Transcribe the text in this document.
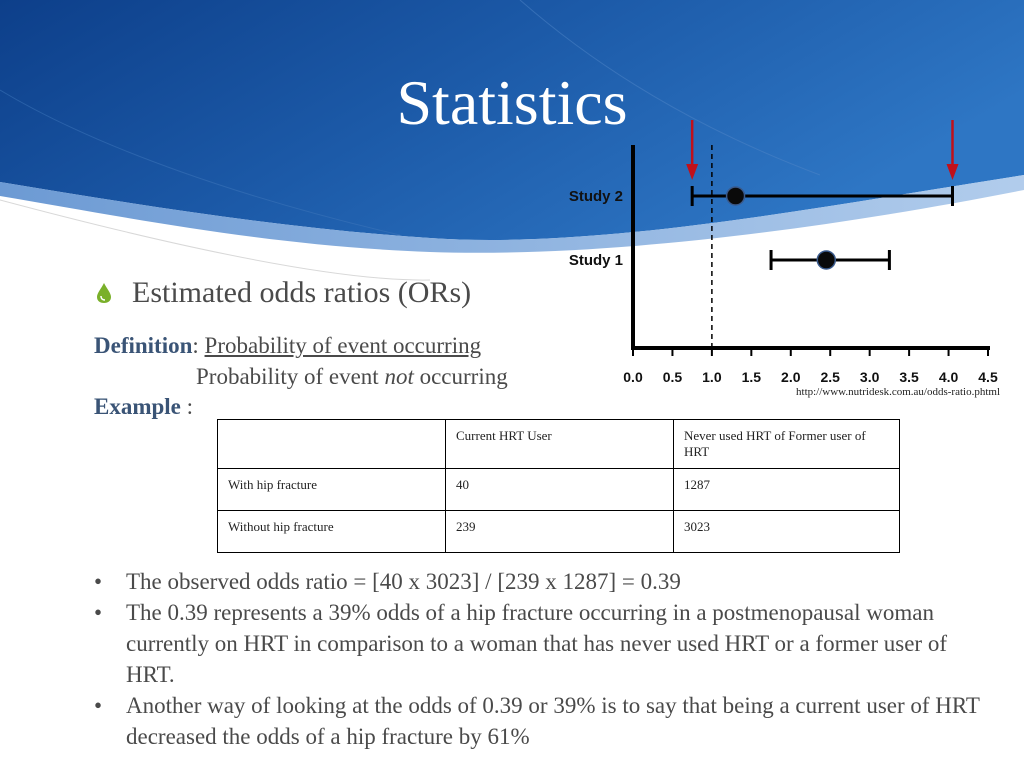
Statistics
0.0 0.5 1.0 1.5 2.0 2.5 3.0 3.5 4.0 4.5
Study 2
Study 1
Estimated odds ratios (ORs)
Definition: Probability of event occurring
Probability of event not occurring
Example :
http://www.nutridesk.com.au/odds-ratio.phtml
	Current HRT User	Never used HRT of Former user of HRT
With hip fracture	40	1287
Without hip fracture	239	3023
• The observed odds ratio = [40 x 3023] / [239 x 1287] = 0.39
• The 0.39 represents a 39% odds of a hip fracture occurring in a postmenopausal woman currently on HRT in comparison to a woman that has never used HRT or a former user of HRT.
• Another way of looking at the odds of 0.39 or 39% is to say that being a current user of HRT decreased the odds of a hip fracture by 61%
